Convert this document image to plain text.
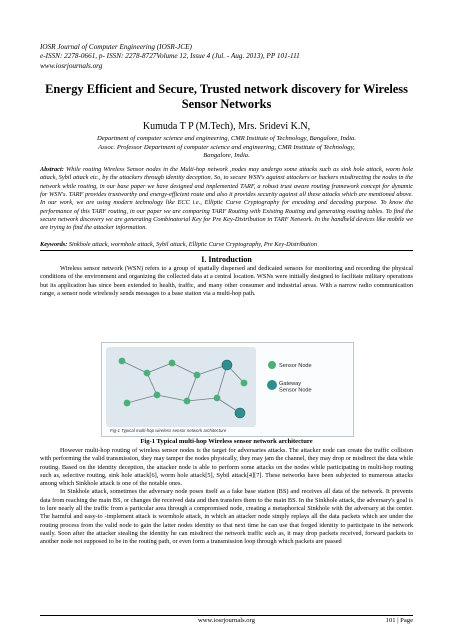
IOSR Journal of Computer Engineering (IOSR-JCE)
e-ISSN: 2278-0661, p- ISSN: 2278-8727Volume 12, Issue 4 (Jul. - Aug. 2013), PP 101-111
www.iosrjournals.org
Energy Efficient and Secure, Trusted network discovery for Wireless Sensor Networks
Kumuda T P (M.Tech), Mrs. Sridevi K.N,
Department of computer science and engineering, CMR Institute of Technology, Bangalore, India.
Assoc. Professor Department of computer science and engineering, CMR Institute of Technology,
Bangalore, India.
Abstract: While routing Wireless Sensor nodes in the Multi-hop network ,nodes may undergo some attacks such as sink hole attack, worm hole attack, Sybil attack etc., by the attackers through identity deception. So, to secure WSN's against attackers or hackers misdirecting the nodes in the network while routing, in our base paper we have designed and implemented TARF, a robust trust aware routing framework concept for dynamic for WSN's. TARF provides trustworthy and energy-efficient route and also it provides security against all these attacks which are mentioned above. In our work, we are using modern technology like ECC i.e., Elliptic Curve Cryptography for encoding and decoding purpose. To know the performance of this TARF routing, in our paper we are comparing TARF Routing with Existing Routing and generating routing tables. To find the secure network discovery we are generating Combinatorial Key for Pre Key-Distribution in TARF Network. In the handheld devices like mobile we are trying to find the attacker information.
Keywords: Sinkhole attack, wormhole attack, Sybil attack, Elliptic Curve Cryptography, Pre Key-Distribution
I. Introduction
Wireless sensor network (WSN) refers to a group of spatially dispersed and dedicated sensors for monitoring and recording the physical conditions of the environment and organizing the collected data at a central location. WSNs were initially designed to facilitate military operations but its application has since been extended to health, traffic, and many other consumer and industrial areas. With a narrow radio communication range, a sensor node wirelessly sends messages to a base station via a multi-hop path.
Fig-1 Typical multi-hop wireless sensor network architecture
Sensor Node
Gateway Sensor Node
Fig-1 Typical multi-hop Wireless sensor network architecture

However multi-hop routing of wireless sensor nodes is the target for adversaries attacks. The attacker node can create the traffic collision with performing the valid transmission, they may tamper the nodes physically, they may jam the channel, they may drop or misdirect the data while routing. Based on the identity deception, the attacker node is able to perform some attacks on the nodes while participating in multi-hop routing such as, selective routing, sink hole attack[6], worm hole attack[5], Sybil attack[4][7]. These networks have been subjected to numerous attacks among which Sinkhole attack is one of the notable ones.

In Sinkhole attack, sometimes the adversary node poses itself as a fake base station (BS) and receives all data of the network. It prevents data from reaching the main BS, or changes the received data and then transfers them to the main BS. In the Sinkhole attack, the adversary's goal is to lure nearly all the traffic from a particular area through a compromised node, creating a metaphorical Sinkhole with the adversary at the center. The harmful and easy-to -implement attack is wormhole attack, in which an attacker node simply replays all the data packets which are under the routing process from the valid node to gain the latter nodes identity so that next time he can use that forged identity to participate in the network easily. Soon after the attacker stealing the identity he can misdirect the network traffic such as, it may drop packets received, forward packets to another node not supposed to be in the routing path, or even form a transmission loop through which packets are passed

www.iosrjournals.org	101 | Page
